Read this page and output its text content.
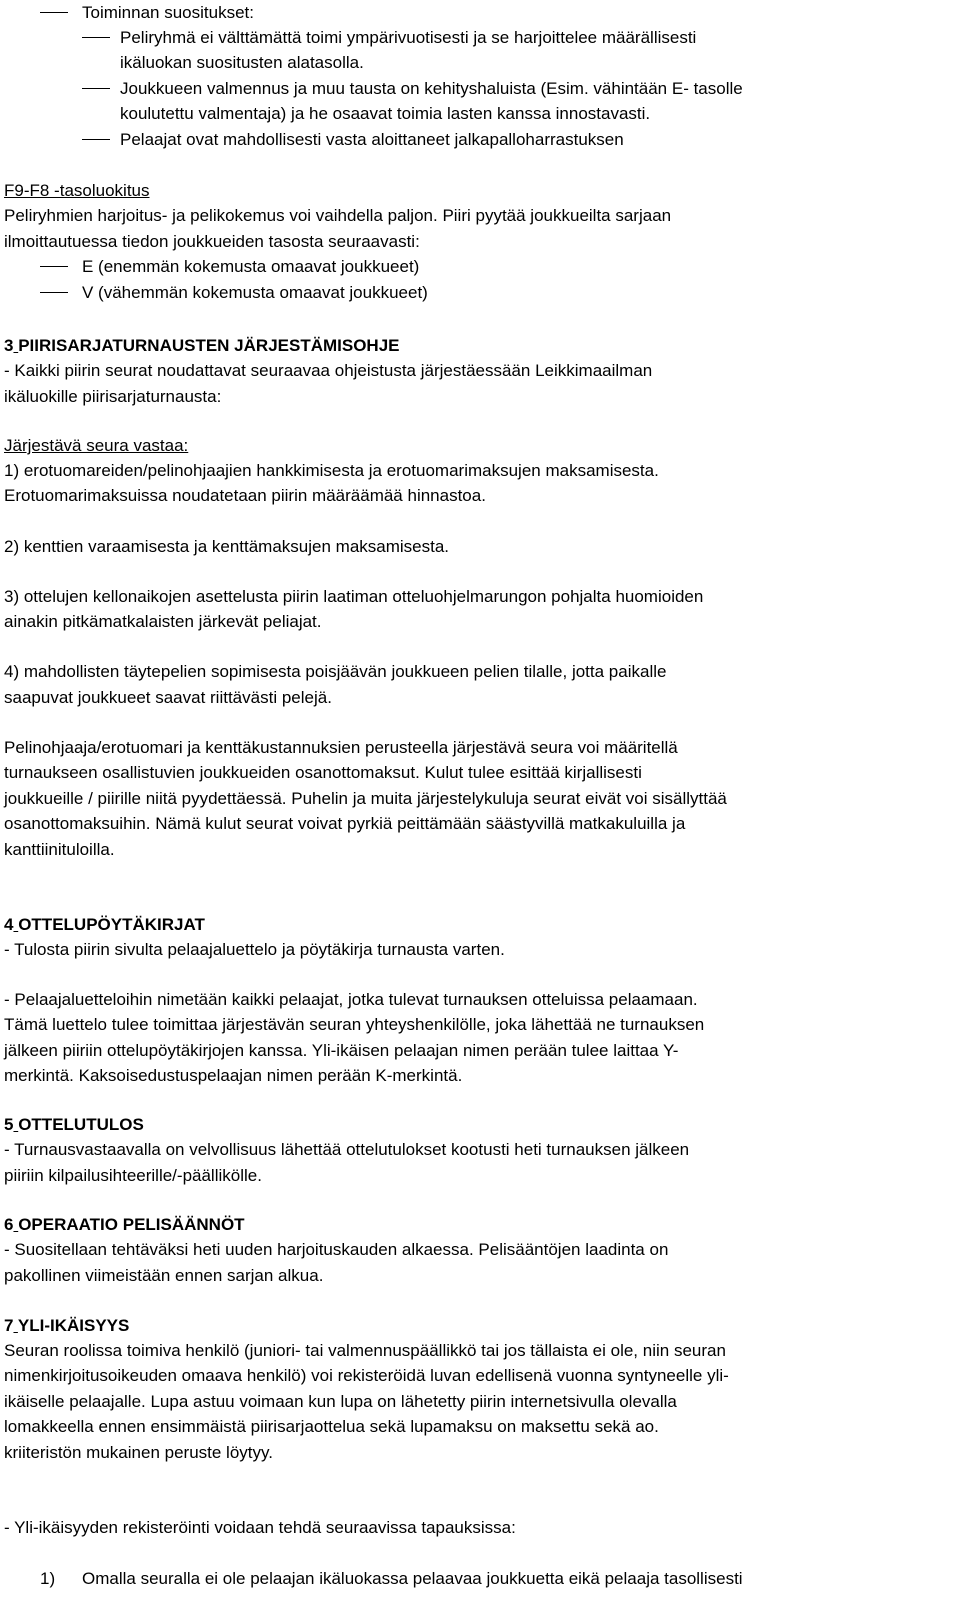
Toiminnan suositukset:
Peliryhmä ei välttämättä toimi ympärivuotisesti ja se harjoittelee määrällisesti
ikäluokan suositusten alatasolla.
Joukkueen valmennus ja muu tausta on kehityshaluista (Esim. vähintään E- tasolle
koulutettu valmentaja) ja he osaavat toimia lasten kanssa innostavasti.
Pelaajat ovat mahdollisesti vasta aloittaneet jalkapalloharrastuksen
F9-F8 -tasoluokitus
Peliryhmien harjoitus- ja pelikokemus voi vaihdella paljon. Piiri pyytää joukkueilta sarjaan
ilmoittautuessa tiedon joukkueiden tasosta seuraavasti:
E (enemmän kokemusta omaavat joukkueet)
V (vähemmän kokemusta omaavat joukkueet)
3 PIIRISARJATURNAUSTEN JÄRJESTÄMISOHJE
- Kaikki piirin seurat noudattavat seuraavaa ohjeistusta järjestäessään Leikkimaailman
ikäluokille piirisarjaturnausta:
Järjestävä seura vastaa:
1) erotuomareiden/pelinohjaajien hankkimisesta ja erotuomarimaksujen maksamisesta.
Erotuomarimaksuissa noudatetaan piirin määräämää hinnastoa.
2) kenttien varaamisesta ja kenttämaksujen maksamisesta.
3) ottelujen kellonaikojen asettelusta piirin laatiman otteluohjelmarungon pohjalta huomioiden
ainakin pitkämatkalaisten järkevät peliajat.
4) mahdollisten täytepelien sopimisesta poisjäävän joukkueen pelien tilalle, jotta paikalle
saapuvat joukkueet saavat riittävästi pelejä.
Pelinohjaaja/erotuomari ja kenttäkustannuksien perusteella järjestävä seura voi määritellä
turnaukseen osallistuvien joukkueiden osanottomaksut. Kulut tulee esittää kirjallisesti
joukkueille / piirille niitä pyydettäessä. Puhelin ja muita järjestelykuluja seurat eivät voi sisällyttää
osanottomaksuihin. Nämä kulut seurat voivat pyrkiä peittämään säästyvillä matkakuluilla ja
kanttiinituloilla.
4 OTTELUPÖYTÄKIRJAT
- Tulosta piirin sivulta pelaajaluettelo ja pöytäkirja turnausta varten.
- Pelaajaluetteloihin nimetään kaikki pelaajat, jotka tulevat turnauksen otteluissa pelaamaan.
Tämä luettelo tulee toimittaa järjestävän seuran yhteyshenkilölle, joka lähettää ne turnauksen
jälkeen piiriin ottelupöytäkirjojen kanssa. Yli-ikäisen pelaajan nimen perään tulee laittaa Y-
merkintä. Kaksoisedustuspelaajan nimen perään K-merkintä.
5 OTTELUTULOS
- Turnausvastaavalla on velvollisuus lähettää ottelutulokset kootusti heti turnauksen jälkeen
piiriin kilpailusihteerille/-päällikölle.
6 OPERAATIO PELISÄÄNNÖT
- Suositellaan tehtäväksi heti uuden harjoituskauden alkaessa. Pelisääntöjen laadinta on
pakollinen viimeistään ennen sarjan alkua.
7 YLI-IKÄISYYS
Seuran roolissa toimiva henkilö (juniori- tai valmennuspäällikkö tai jos tällaista ei ole, niin seuran
nimenkirjoitusoikeuden omaava henkilö) voi rekisteröidä luvan edellisenä vuonna syntyneelle yli-
ikäiselle pelaajalle. Lupa astuu voimaan kun lupa on lähetetty piirin internetsivulla olevalla
lomakkeella ennen ensimmäistä piirisarjaottelua sekä lupamaksu on maksettu sekä ao.
kriiteristön mukainen peruste löytyy.
- Yli-ikäisyyden rekisteröinti voidaan tehdä seuraavissa tapauksissa:
1) Omalla seuralla ei ole pelaajan ikäluokassa pelaavaa joukkuetta eikä pelaaja tasollisesti
